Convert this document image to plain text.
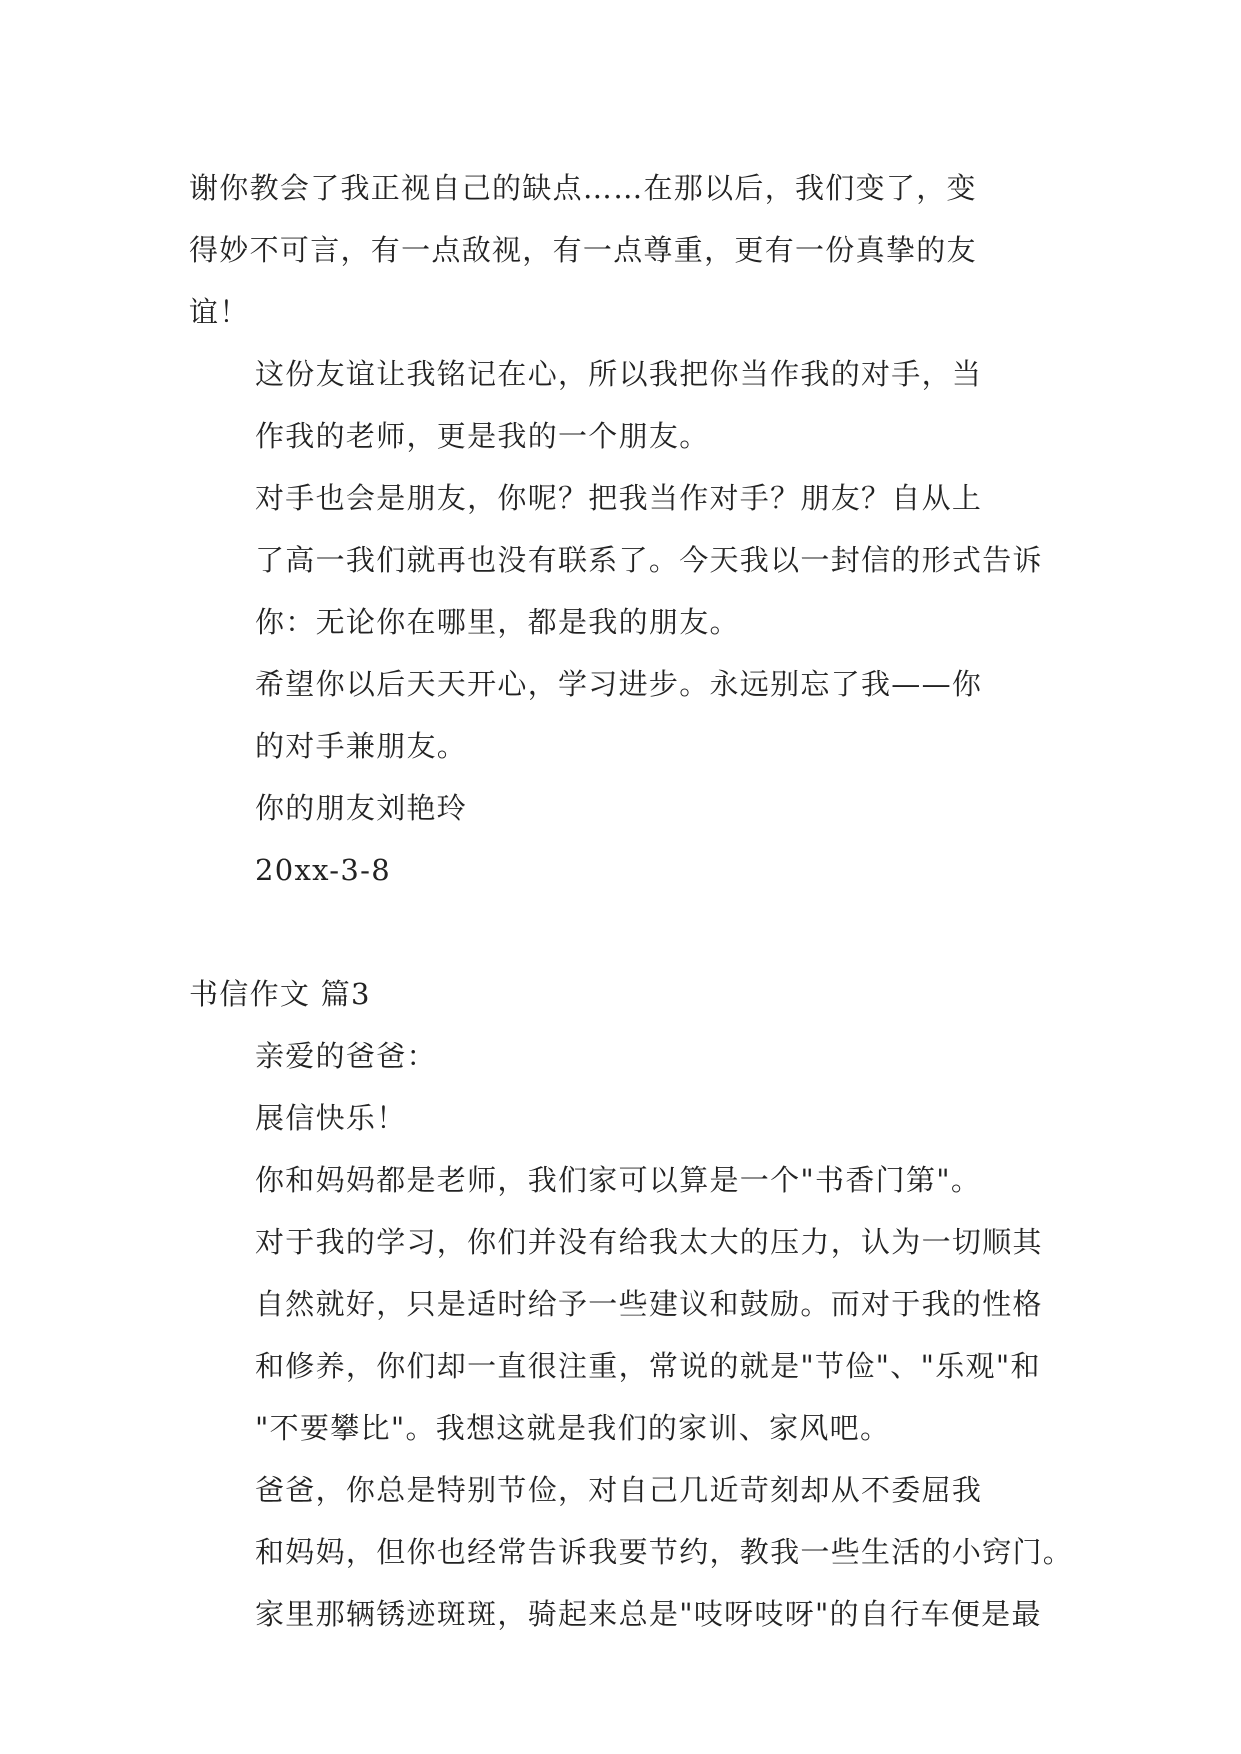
谢你教会了我正视自己的缺点……在那以后，我们变了，变
得妙不可言，有一点敌视，有一点尊重，更有一份真挚的友
谊！

这份友谊让我铭记在心，所以我把你当作我的对手，当
作我的老师，更是我的一个朋友。

对手也会是朋友，你呢？把我当作对手？朋友？自从上
了高一我们就再也没有联系了。今天我以一封信的形式告诉
你：无论你在哪里，都是我的朋友。

希望你以后天天开心，学习进步。永远别忘了我——你
的对手兼朋友。

你的朋友刘艳玲

20xx-3-8

书信作文 篇3

亲爱的爸爸：

展信快乐！

你和妈妈都是老师，我们家可以算是一个"书香门第"。
对于我的学习，你们并没有给我太大的压力，认为一切顺其
自然就好，只是适时给予一些建议和鼓励。而对于我的性格
和修养，你们却一直很注重，常说的就是"节俭"、"乐观"和
"不要攀比"。我想这就是我们的家训、家风吧。

爸爸，你总是特别节俭，对自己几近苛刻却从不委屈我
和妈妈，但你也经常告诉我要节约，教我一些生活的小窍门。
家里那辆锈迹斑斑，骑起来总是"吱呀吱呀"的自行车便是最
